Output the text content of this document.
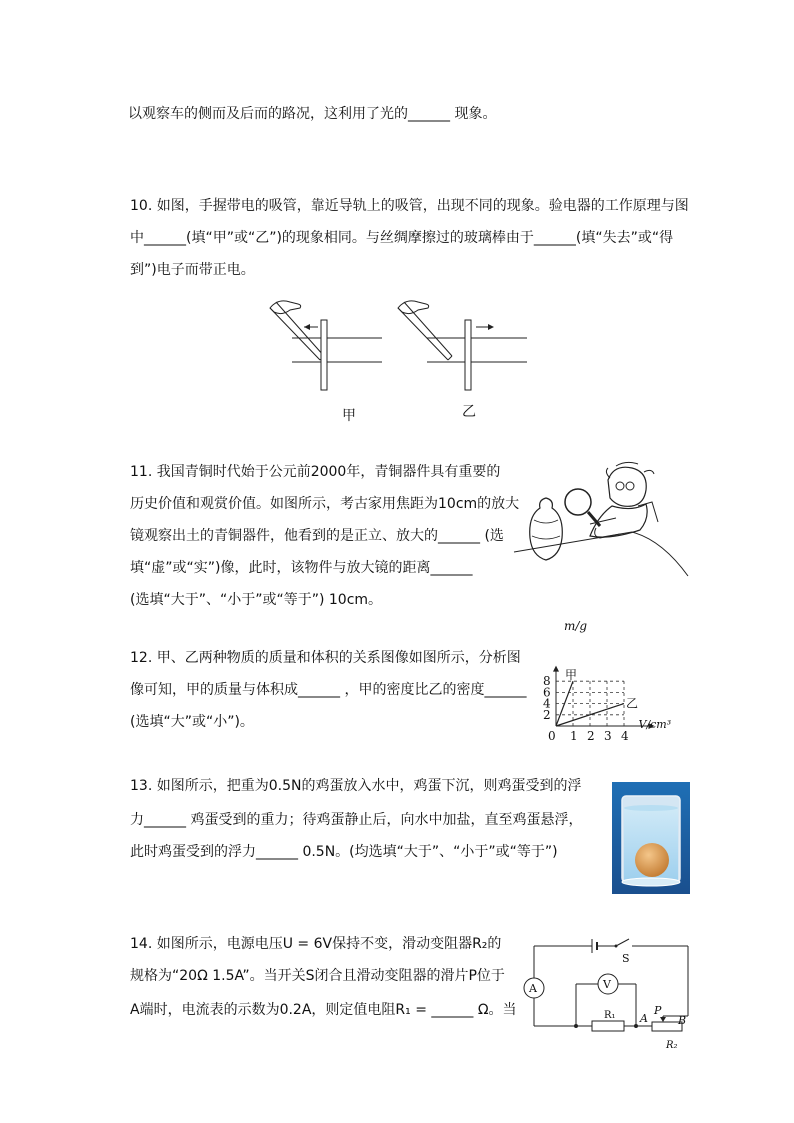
以观察车的侧而及后而的路况，这利用了光的______ 现象。
10. 如图，手握带电的吸管，靠近导轨上的吸管，出现不同的现象。验电器的工作原理与图
中______(填“甲”或“乙”)的现象相同。与丝绸摩擦过的玻璃棒由于______(填“失去”或“得
到”)电子而带正电。
甲	乙
11. 我国青铜时代始于公元前2000年，青铜器件具有重要的
历史价值和观赏价值。如图所示，考古家用焦距为10cm的放大
镜观察出土的青铜器件，他看到的是正立、放大的______ (选
填“虚”或“实”)像，此时，该物件与放大镜的距离______
(选填“大于”、“小于”或“等于”) 10cm。
12. 甲、乙两种物质的质量和体积的关系图像如图所示，分析图
像可知，甲的质量与体积成______ ，甲的密度比乙的密度______
(选填“大”或“小”)。
0 1 2 3 4
2
4
6
8
m/g
V/cm³
甲
乙
13. 如图所示，把重为0.5N的鸡蛋放入水中，鸡蛋下沉，则鸡蛋受到的浮
力______ 鸡蛋受到的重力；待鸡蛋静止后，向水中加盐，直至鸡蛋悬浮，
此时鸡蛋受到的浮力______ 0.5N。(均选填“大于”、“小于”或“等于”)
14. 如图所示，电源电压U = 6V保持不变，滑动变阻器R₂的
规格为“20Ω 1.5A”。当开关S闭合且滑动变阻器的滑片P位于
A端时，电流表的示数为0.2A，则定值电阻R₁ = ______ Ω。当
S
A
R₁ A
P
B
R₂
V
